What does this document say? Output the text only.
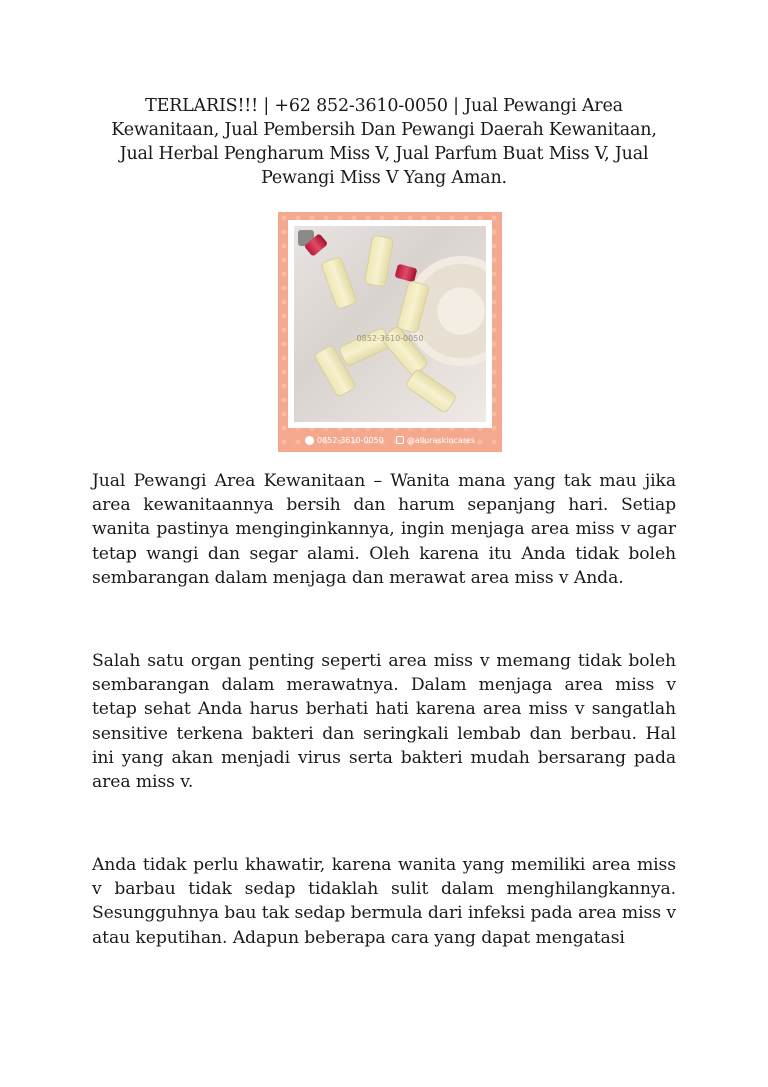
TERLARIS!!! | +62 852-3610-0050 | Jual Pewangi Area Kewanitaan, Jual Pembersih Dan Pewangi Daerah Kewanitaan, Jual Herbal Pengharum Miss V, Jual Parfum Buat Miss V, Jual Pewangi Miss V Yang Aman.
0852-3610-0050
0852-3610-0050	@alluraskincares
Jual Pewangi Area Kewanitaan – Wanita mana yang tak mau jika area kewanitaannya bersih dan harum sepanjang hari. Setiap wanita pastinya menginginkannya, ingin menjaga area miss v agar tetap wangi dan segar alami. Oleh karena itu Anda tidak boleh sembarangan dalam menjaga dan merawat area miss v Anda.
Salah satu organ penting seperti area miss v memang tidak boleh sembarangan dalam merawatnya. Dalam menjaga area miss v tetap sehat Anda harus berhati hati karena area miss v sangatlah sensitive terkena bakteri dan seringkali lembab dan berbau. Hal ini yang akan menjadi virus serta bakteri mudah bersarang pada area miss v.
Anda tidak perlu khawatir, karena wanita yang memiliki area miss v barbau tidak sedap tidaklah sulit dalam menghilangkannya. Sesungguhnya bau tak sedap bermula dari infeksi pada area miss v atau keputihan. Adapun beberapa cara yang dapat mengatasi
